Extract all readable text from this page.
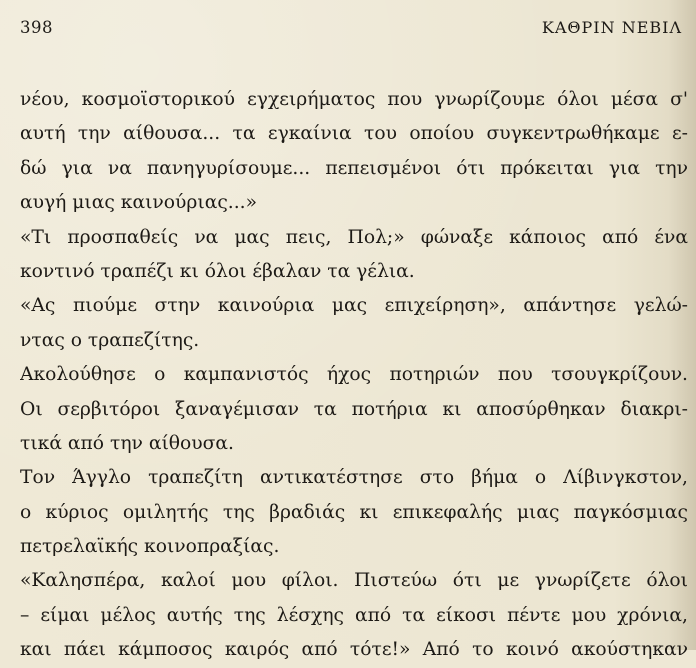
398	ΚΑΘΡΙΝ ΝΕΒΙΛ
νέου, κοσμοϊστορικού εγχειρήματος που γνωρίζουμε όλοι μέσα σ'
αυτή την αίθουσα... τα εγκαίνια του οποίου συγκεντρωθήκαμε ε-
δώ για να πανηγυρίσουμε... πεπεισμένοι ότι πρόκειται για την
αυγή μιας καινούριας...»
«Τι προσπαθείς να μας πεις, Πολ;» φώναξε κάποιος από ένα
κοντινό τραπέζι κι όλοι έβαλαν τα γέλια.
«Ας πιούμε στην καινούρια μας επιχείρηση», απάντησε γελώ-
ντας ο τραπεζίτης.
Ακολούθησε ο καμπανιστός ήχος ποτηριών που τσουγκρίζουν.
Οι σερβιτόροι ξαναγέμισαν τα ποτήρια κι αποσύρθηκαν διακρι-
τικά από την αίθουσα.
Τον Άγγλο τραπεζίτη αντικατέστησε στο βήμα ο Λίβινγκστον,
ο κύριος ομιλητής της βραδιάς κι επικεφαλής μιας παγκόσμιας
πετρελαϊκής κοινοπραξίας.
«Καλησπέρα, καλοί μου φίλοι. Πιστεύω ότι με γνωρίζετε όλοι
– είμαι μέλος αυτής της λέσχης από τα είκοσι πέντε μου χρόνια,
και πάει κάμποσος καιρός από τότε!» Από το κοινό ακούστηκαν
